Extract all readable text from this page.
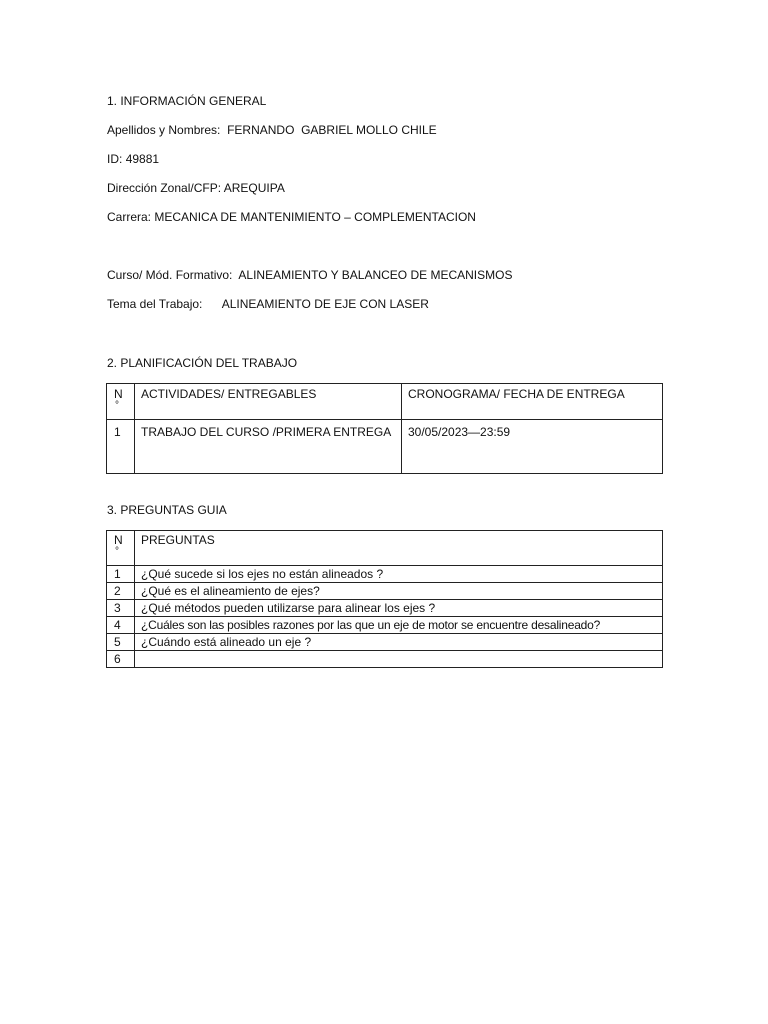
1. INFORMACIÓN GENERAL
Apellidos y Nombres: FERNANDO  GABRIEL MOLLO CHILE
ID: 49881
Dirección Zonal/CFP: AREQUIPA
Carrera: MECANICA DE MANTENIMIENTO – COMPLEMENTACION
Curso/ Mód. Formativo: ALINEAMIENTO Y BALANCEO DE MECANISMOS
Tema del Trabajo: ALINEAMIENTO DE EJE CON LASER
2. PLANIFICACIÓN DEL TRABAJO
N
°	ACTIVIDADES/ ENTREGABLES	CRONOGRAMA/ FECHA DE ENTREGA
1	TRABAJO DEL CURSO /PRIMERA ENTREGA	30/05/2023—23:59
3. PREGUNTAS GUIA
N
°	PREGUNTAS
1	¿Qué sucede si los ejes no están alineados ?
2	¿Qué es el alineamiento de ejes?
3	¿Qué métodos pueden utilizarse para alinear los ejes ?
4	¿Cuáles son las posibles razones por las que un eje de motor se encuentre desalineado?
5	¿Cuándo está alineado un eje ?
6	
